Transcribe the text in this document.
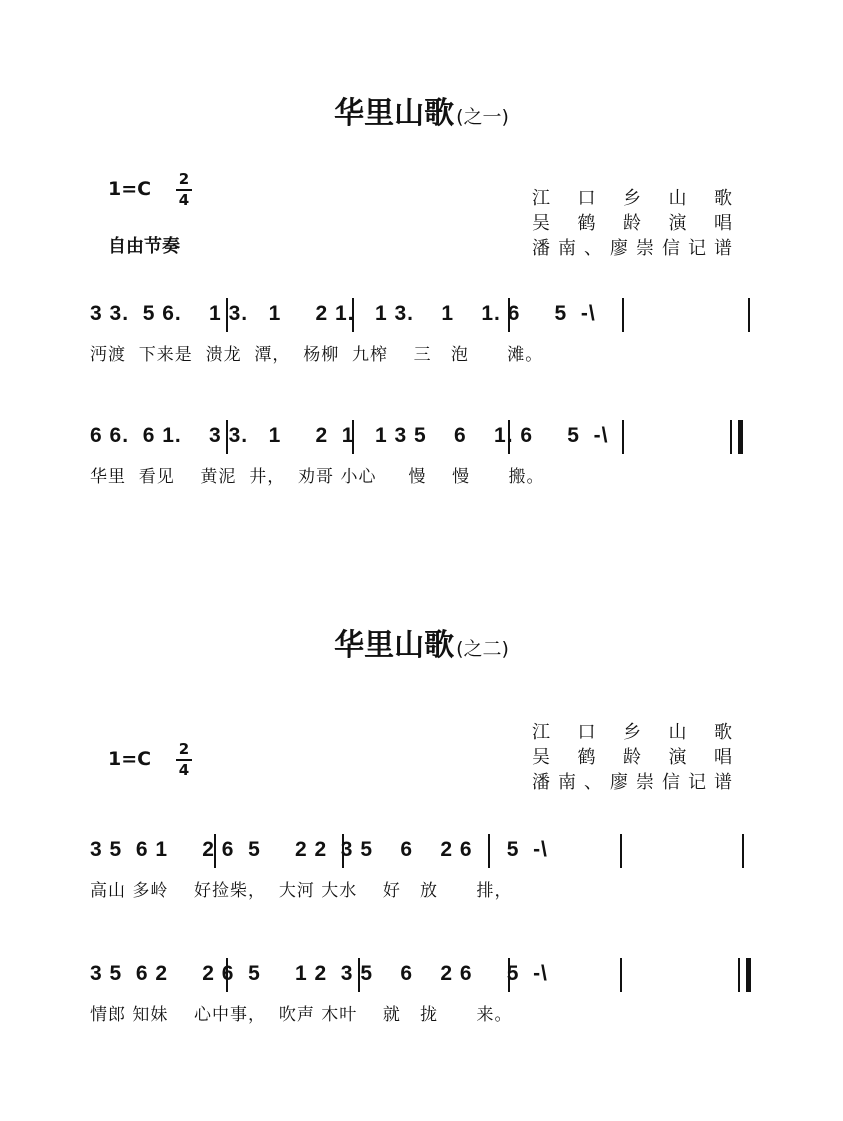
华里山歌 (之一)
1=C 2
4
自由节奏
江口乡山歌
吴鹤龄演唱
潘南、廖崇信记谱
3 3.  5 6.    1 3.   1     2 1.   1 3.    1    1. 6     5  -\
沔渡  下来是  溃龙  潭，  杨柳  九榨    三   泡      滩。
6 6.  6 1.    3 3.   1     2  1   1 3 5    6    1. 6     5  -\
华里  看见    黄泥  井，  劝哥 小心     慢    慢      搬。
华里山歌 (之二)
1=C 2
4
江口乡山歌
吴鹤龄演唱
潘南、廖崇信记谱
3 5  6 1     2 6  5     2 2  3 5    6    2 6     5  -\
高山 多岭    好捡柴，  大河 大水    好   放      排，
3 5  6 2     2 6  5     1 2  3 5    6    2 6     5  -\
情郎 知妹    心中事，  吹声 木叶    就   拢      来。
